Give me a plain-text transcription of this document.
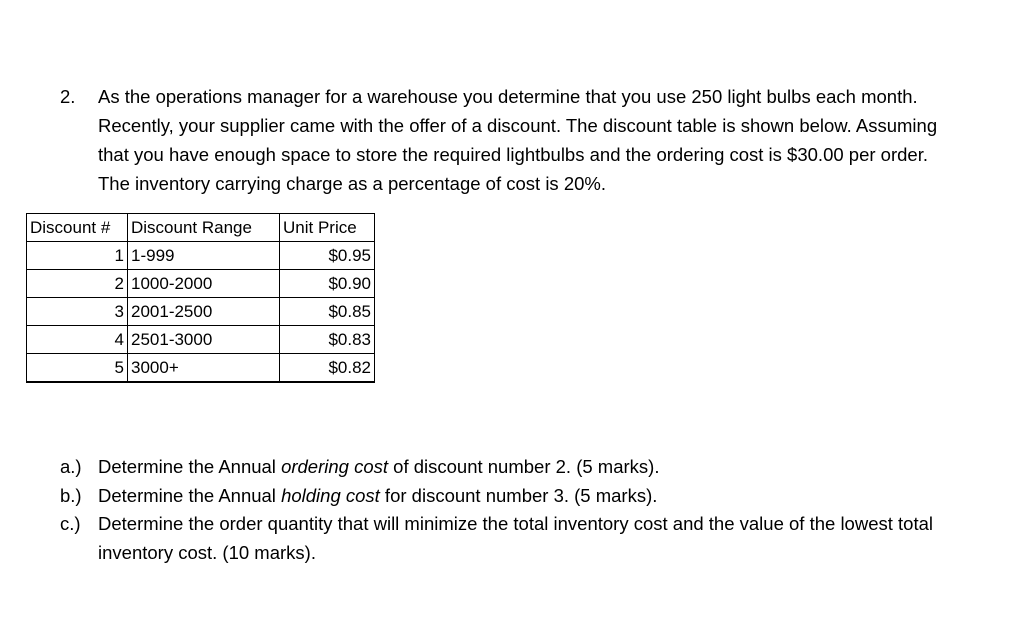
2. As the operations manager for a warehouse you determine that you use 250 light bulbs each month. Recently, your supplier came with the offer of a discount. The discount table is shown below. Assuming that you have enough space to store the required lightbulbs and the ordering cost is $30.00 per order. The inventory carrying charge as a percentage of cost is 20%.
Discount #	Discount Range	Unit Price
1	1-999	$0.95
2	1000-2000	$0.90
3	2001-2500	$0.85
4	2501-3000	$0.83
5	3000+	$0.82
a.) Determine the Annual ordering cost of discount number 2. (5 marks).
b.) Determine the Annual holding cost for discount number 3. (5 marks).
c.) Determine the order quantity that will minimize the total inventory cost and the value of the lowest total inventory cost. (10 marks).
